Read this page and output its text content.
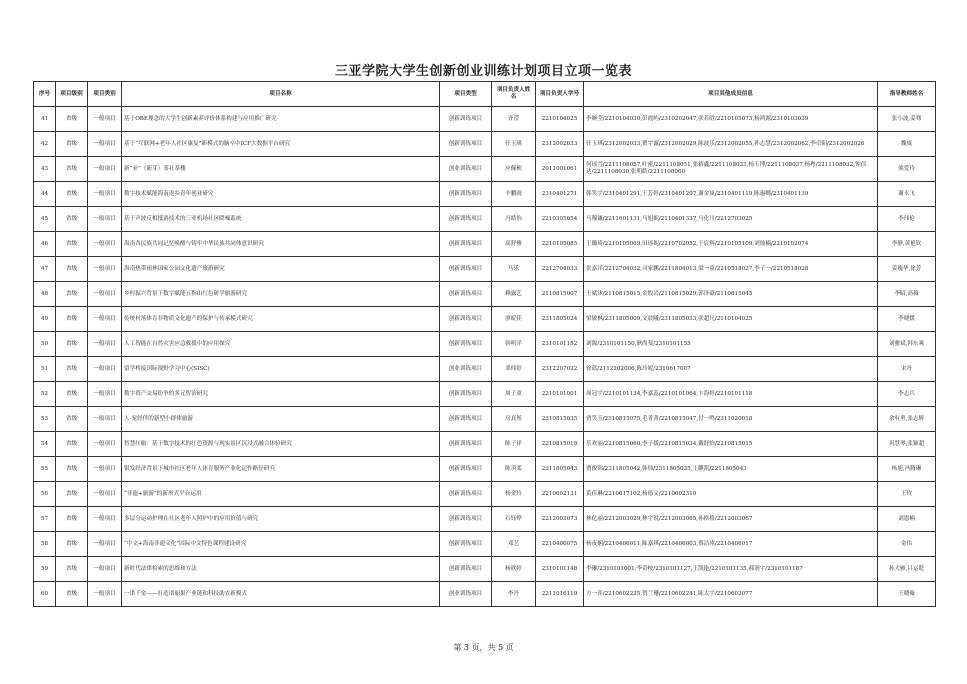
三亚学院大学生创新创业训练计划项目立项一览表
序号	项目级别	项目类别	项目名称	项目类型	项目负责人姓名	项目负责人学号	项目其他成员信息	指导教师姓名
41	省级	一般项目	基于OBE理念的大学生创新素养评价体系构建与应用推广研究	创新训练项目	齐滢	2210104025	李婉莹/2210104030,彭霞屿/2310202047,张若晗/2210105073,杨鸿源/2310103039	张小波,姜骞
42	省级	一般项目	基于“互联网+老年人社区康复”新模式的脑卒中ICF大数据平台研究	创新训练项目	任玉琪	2312002033	任玉琪/2312002033,瞿宇露/2312002029,陈波乐/2312002055,孙志慧/2312002062,李卓阳/2312002026	魏威
43	省级	一般项目	新“亚”（新芽）茶社茶楼	创业训练项目	应佩桢	2011001061	何瑶雪/2211108057,叶密/2211108051,张裕鑫/2211108033,杨玉博/2211108037,杨粤/2211108032,钟伟达/2211108030,张明皓/2211108060	熊爱玲
44	省级	一般项目	数字技术赋能海南返乡青年创业研究	创新训练项目	辛鹏雨	2310401271	韩笑宇/2310401291,王芳婷/2310401207,谢金岚/2310401119,陈惠卿/2310401139	谢永飞
45	省级	一般项目	基于声波反相抵消技术的三亚机场社区降噪系统	创新训练项目	冯皓怡	2210305054	马穆谦/2211601131,马旭妮/2110401337,马化川/2212703025	李玮伦
46	省级	一般项目	海南各民族共同记忆唤醒与铸牢中华民族共同体意识研究	创新训练项目	高舒雅	2210105085	王璐琦/2210105069,田瑶妮/2210702052,于宸辉/2210105109,刘灿楠/2210102074	李静,黄艳钦
47	省级	一般项目	海南热带雨林国家公园文化遗产旅游研究	创新训练项目	马乐	2212704033	张嘉洋/2212704032,司家鹏/2211804013,梁一童/2210518027,李子一/2210518028	姜瑰华,徐芳
48	省级	一般项目	乡村振兴背景下数字赋能五指山红色研学旅游研究	创新训练项目	赖露艺	2110815007	王斌沐/2110815015,金殷岩/2110815029,郭泽豪/2110815045	李昭,高薇
49	省级	一般项目	传统村落体育非物质文化遗产的保护与传承模式研究	创新训练项目	廖皖佳	2311805024	梁敏枫/2311805009,文晨曦/2311805033,张超凡/2110104025	李晓媛
50	省级	一般项目	人工智能在自然灾害应急救援中的应用探究	创新训练项目	韩明洋	2310101152	刘源/2310101150,耿尚斐/2310101155	刘雅斌,韩东爽
51	省级	一般项目	留学桥接国际视野学习中心(SISC)	创业训练项目	邓炜婷	2312207022	徐蓝/2112202006,陈玲妮/2310617007	宋丹
52	省级	一般项目	数字资产交易纷争的多元智治研究	创新训练项目	周子童	2210101001	周冠宇/2210101134,李嘉蕊/2210101064,卞海婷/2210101118	李志兵
53	省级	一般项目	人-宠经伴的新型小群体旅游	创新训练项目	房真彤	2310815035	贾笑玉/2310815075,毛菁菁/2210815047,付一鸣/2311020018	余有勇,张志辉
54	省级	一般项目	智慧红旅：基于数字技术的红色资源与现实景区沉浸式融合体验研究	创新训练项目	陈子祥	2210815018	乐欢丽/2210815060,李子媛/2210815034,戴舒怡/2210815015	巩慧琴,张颖超
55	省级	一般项目	银发经济背景下城市社区老年人体育服务产业化运作路径研究	创新训练项目	陈羽柔	2311805043	贾俊锦/2311805042,韩炜/2311805035,王麒凯/2211805043	杨旭,冯腾琳
56	省级	一般项目	“非遗+旅游”的新形式平台运用	创新训练项目	杨金玲	2210602131	黄佳琳/2210617102,杨德文/2210602310	王玫
57	省级	一般项目	多层分运动护理在社区老年人照护中的应用价值与研究	创新训练项目	石钰烨	2212003073	林亿丽/2212003029,林宇锐/2212003065,孙格格/2212003067	刘恩楠
58	省级	一般项目	“中文+海南非遗文化”国际中文特色课程建设研究	创新训练项目	邓艺	2210406075	杨夜娴/2210406011,陈嘉琪/2210406003,蔡洁冰/2210406017	金伟
59	省级	一般项目	新时代法律检索的思维和方法	创新训练项目	杨欣婷	2310101148	李琳/2310101001,李奇桉/2310101127,王凯艳/2210101135,郝润宇/2310101187	孙大雁,吕运乾
60	省级	一般项目	一诺千金——打造诺丽果产业链和科技助农新模式	创业训练项目	李丹	2211016119	方一萍/2210602235,贺兰珊/2210602241,陈太宇/2210602077	王晓薇
第 3 页，共 5 页
